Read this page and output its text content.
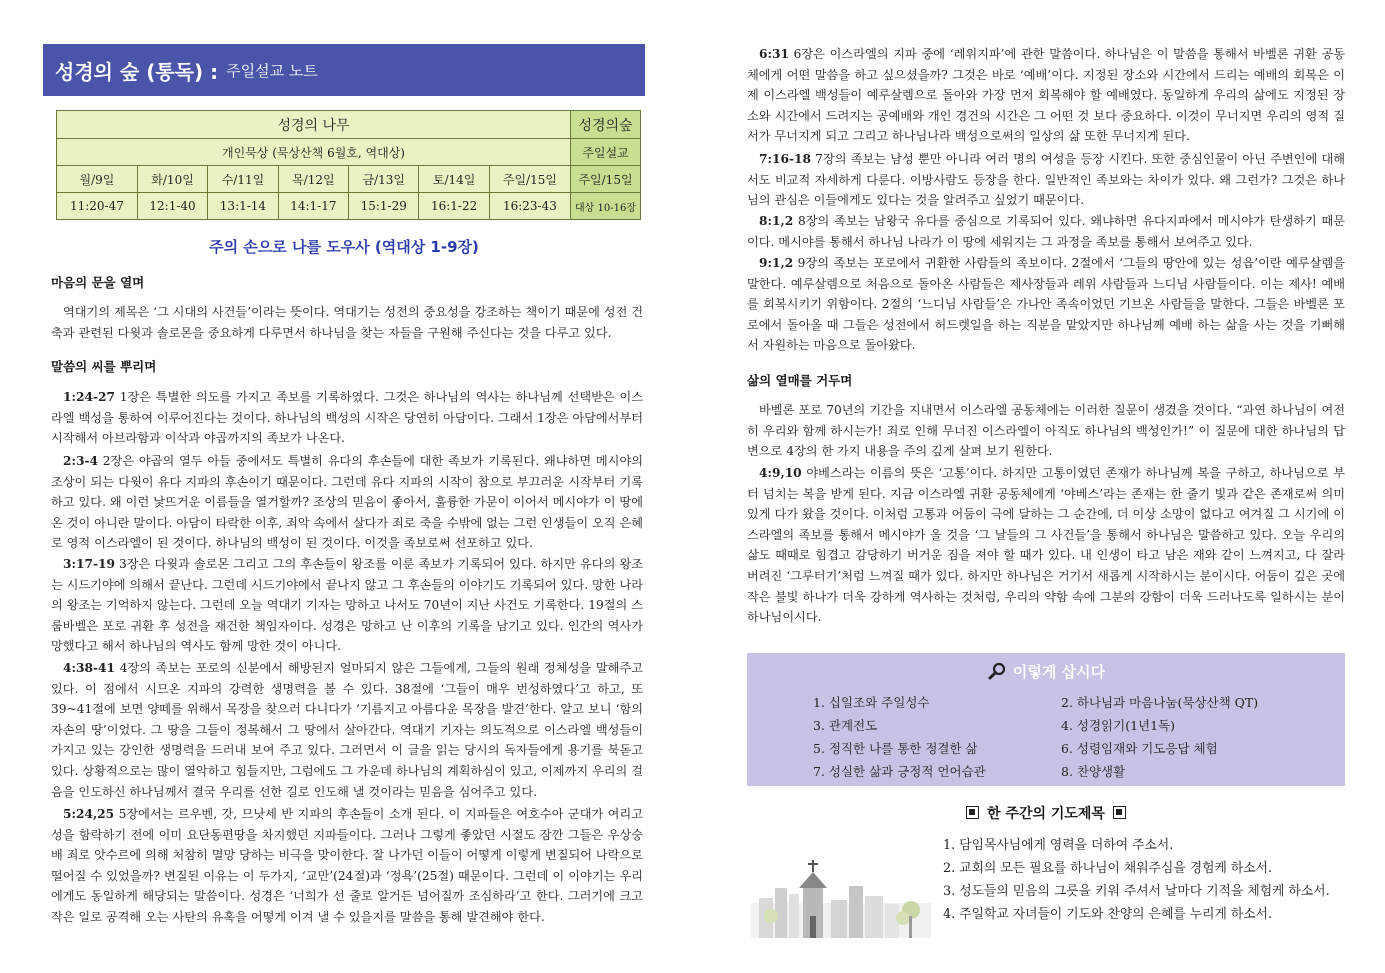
성경의 숲 (통독) : 주일설교 노트
성경의 나무							성경의숲
개인묵상 (묵상산책 6월호, 역대상)							주일설교
월/9일	화/10일	수/11일	목/12일	금/13일	토/14일	주일/15일	주일/15일
11:20-47	12:1-40	13:1-14	14:1-17	15:1-29	16:1-22	16:23-43	대상 10-16장
주의 손으로 나를 도우사 (역대상 1-9장)
마음의 문을 열며
역대기의 제목은 ‘그 시대의 사건들’이라는 뜻이다. 역대기는 성전의 중요성을 강조하는 책이기 때문에 성전 건축과 관련된 다윗과 솔로몬을 중요하게 다루면서 하나님을 찾는 자들을 구원해 주신다는 것을 다루고 있다.
말씀의 씨를 뿌리며
1:24-27 1장은 특별한 의도를 가지고 족보를 기록하였다. 그것은 하나님의 역사는 하나님께 선택받은 이스라엘 백성을 통하여 이루어진다는 것이다. 하나님의 백성의 시작은 당연히 아담이다. 그래서 1장은 아담에서부터 시작해서 아브라함과 이삭과 야곱까지의 족보가 나온다.
2:3-4 2장은 야곱의 열두 아들 중에서도 특별히 유다의 후손들에 대한 족보가 기록된다. 왜냐하면 메시야의 조상이 되는 다윗이 유다 지파의 후손이기 때문이다. 그런데 유다 지파의 시작이 참으로 부끄러운 시작부터 기록하고 있다. 왜 이런 낯뜨거운 이름들을 열거할까? 조상의 믿음이 좋아서, 훌륭한 가문이 이어서 메시야가 이 땅에 온 것이 아니란 말이다. 아담이 타락한 이후, 죄악 속에서 살다가 죄로 죽을 수밖에 없는 그런 인생들이 오직 은혜로 영적 이스라엘이 된 것이다. 하나님의 백성이 된 것이다. 이것을 족보로써 선포하고 있다.
3:17-19 3장은 다윗과 솔로몬 그리고 그의 후손들이 왕조를 이룬 족보가 기록되어 있다. 하지만 유다의 왕조는 시드기야에 의해서 끝난다. 그런데 시드기야에서 끝나지 않고 그 후손들의 이야기도 기록되어 있다. 망한 나라의 왕조는 기억하지 않는다. 그런데 오늘 역대기 기자는 망하고 나서도 70년이 지난 사건도 기록한다. 19절의 스룹바벨은 포로 귀환 후 성전을 재건한 책임자이다. 성경은 망하고 난 이후의 기록을 남기고 있다. 인간의 역사가 망했다고 해서 하나님의 역사도 함께 망한 것이 아니다.
4:38-41 4장의 족보는 포로의 신분에서 해방된지 얼마되지 않은 그들에게, 그들의 원래 정체성을 말해주고 있다. 이 점에서 시므온 지파의 강력한 생명력을 볼 수 있다. 38절에 ‘그들이 매우 번성하였다’고 하고, 또 39~41절에 보면 양떼를 위해서 목장을 찾으러 다니다가 ‘기름지고 아름다운 목장을 발견’한다. 알고 보니 ‘함의 자손의 땅’이었다. 그 땅을 그들이 정복해서 그 땅에서 살아간다. 역대기 기자는 의도적으로 이스라엘 백성들이 가지고 있는 강인한 생명력을 드러내 보여 주고 있다. 그러면서 이 글을 읽는 당시의 독자들에게 용기를 북돋고 있다. 상황적으로는 많이 열악하고 힘들지만, 그럼에도 그 가운데 하나님의 계획하심이 있고, 이제까지 우리의 걸음을 인도하신 하나님께서 결국 우리를 선한 길로 인도해 낼 것이라는 믿음을 심어주고 있다.
5:24,25 5장에서는 르우벤, 갓, 므낫세 반 지파의 후손들이 소개 된다. 이 지파들은 여호수아 군대가 여리고성을 함락하기 전에 이미 요단동편땅을 차지했던 지파들이다. 그러나 그렇게 좋았던 시절도 잠깐 그들은 우상숭배 죄로 앗수르에 의해 처참히 멸망 당하는 비극을 맞이한다. 잘 나가던 이들이 어떻게 이렇게 변질되어 나락으로 떨어질 수 있었을까? 변질된 이유는 이 두가지, ‘교만’(24절)과 ‘정욕’(25절) 때문이다. 그런데 이 이야기는 우리에게도 동일하게 해당되는 말씀이다. 성경은 ‘너희가 선 줄로 알거든 넘어질까 조심하라’고 한다. 그러기에 크고 작은 일로 공격해 오는 사탄의 유혹을 어떻게 이겨 낼 수 있을지를 말씀을 통해 발견해야 한다.
6:31 6장은 이스라엘의 지파 중에 ‘레위지파’에 관한 말씀이다. 하나님은 이 말씀을 통해서 바벨론 귀환 공동체에게 어떤 말씀을 하고 싶으셨을까? 그것은 바로 ‘예배’이다. 지정된 장소와 시간에서 드리는 예배의 회복은 이제 이스라엘 백성들이 예루살렘으로 돌아와 가장 먼저 회복해야 할 예배였다. 동일하게 우리의 삶에도 지정된 장소와 시간에서 드려지는 공예배와 개인 경건의 시간은 그 어떤 것 보다 중요하다. 이것이 무너지면 우리의 영적 질서가 무너지게 되고 그리고 하나님나라 백성으로써의 일상의 삶 또한 무너지게 된다.
7:16-18 7장의 족보는 남성 뿐만 아니라 여러 명의 여성을 등장 시킨다. 또한 중심인물이 아닌 주변인에 대해서도 비교적 자세하게 다룬다. 이방사람도 등장을 한다. 일반적인 족보와는 차이가 있다. 왜 그런가? 그것은 하나님의 관심은 이들에게도 있다는 것을 알려주고 싶었기 때문이다.
8:1,2 8장의 족보는 남왕국 유다를 중심으로 기록되어 있다. 왜냐하면 유다지파에서 메시야가 탄생하기 때문이다. 메시야를 통해서 하나님 나라가 이 땅에 세워지는 그 과정을 족보를 통해서 보여주고 있다.
9:1,2 9장의 족보는 포로에서 귀환한 사람들의 족보이다. 2절에서 ‘그들의 땅안에 있는 성읍’이란 예루살렘을 말한다. 예루살렘으로 처음으로 돌아온 사람들은 제사장들과 레위 사람들과 느디님 사람들이다. 이는 제사! 예배를 회복시키기 위함이다. 2절의 ‘느디님 사람들’은 가나안 족속이었던 기브온 사람들을 말한다. 그들은 바벨론 포로에서 돌아올 때 그들은 성전에서 허드렛일을 하는 직분을 맡았지만 하나님께 예배 하는 삶을 사는 것을 기뻐해서 자원하는 마음으로 돌아왔다.
삶의 열매를 거두며
바벨론 포로 70년의 기간을 지내면서 이스라엘 공동체에는 이러한 질문이 생겼을 것이다. “과연 하나님이 여전히 우리와 함께 하시는가! 죄로 인해 무너진 이스라엘이 아직도 하나님의 백성인가!” 이 질문에 대한 하나님의 답변으로 4장의 한 가지 내용을 주의 깊게 살펴 보기 원한다.
4:9,10 야베스라는 이름의 뜻은 ‘고통’이다. 하지만 고통이였던 존재가 하나님께 복을 구하고, 하나님으로 부터 넘치는 복을 받게 된다. 지금 이스라엘 귀환 공동체에게 ‘야베스’라는 존재는 한 줄기 빛과 같은 존재로써 의미있게 다가 왔을 것이다. 이처럼 고통과 어둠이 극에 달하는 그 순간에, 더 이상 소망이 없다고 여겨질 그 시기에 이스라엘의 족보를 통해서 메시야가 올 것을 ‘그 날들의 그 사건들’을 통해서 하나님은 말씀하고 있다. 오늘 우리의 삶도 때때로 힘겹고 감당하기 버거운 짐을 져야 할 때가 있다. 내 인생이 타고 남은 재와 같이 느껴지고, 다 잘라 버려진 ‘그루터기’처럼 느껴질 때가 있다. 하지만 하나님은 거기서 새롭게 시작하시는 분이시다. 어둠이 깊은 곳에 작은 불빛 하나가 더욱 강하게 역사하는 것처럼, 우리의 약함 속에 그분의 강함이 더욱 드러나도록 일하시는 분이 하나님이시다.
이렇게 삽시다
1. 십일조와 주일성수	2. 하나님과 마음나눔(묵상산책 QT)
3. 관계전도	4. 성경읽기(1년1독)
5. 정직한 나를 통한 정결한 삶	6. 성령임재와 기도응답 체험
7. 성실한 삶과 긍정적 언어습관	8. 찬양생활
한 주간의 기도제목
1. 담임목사님에게 영력을 더하여 주소서.
2. 교회의 모든 필요를 하나님이 채워주심을 경험케 하소서.
3. 성도들의 믿음의 그릇을 키워 주셔서 날마다 기적을 체험케 하소서.
4. 주일학교 자녀들이 기도와 찬양의 은혜를 누리게 하소서.
